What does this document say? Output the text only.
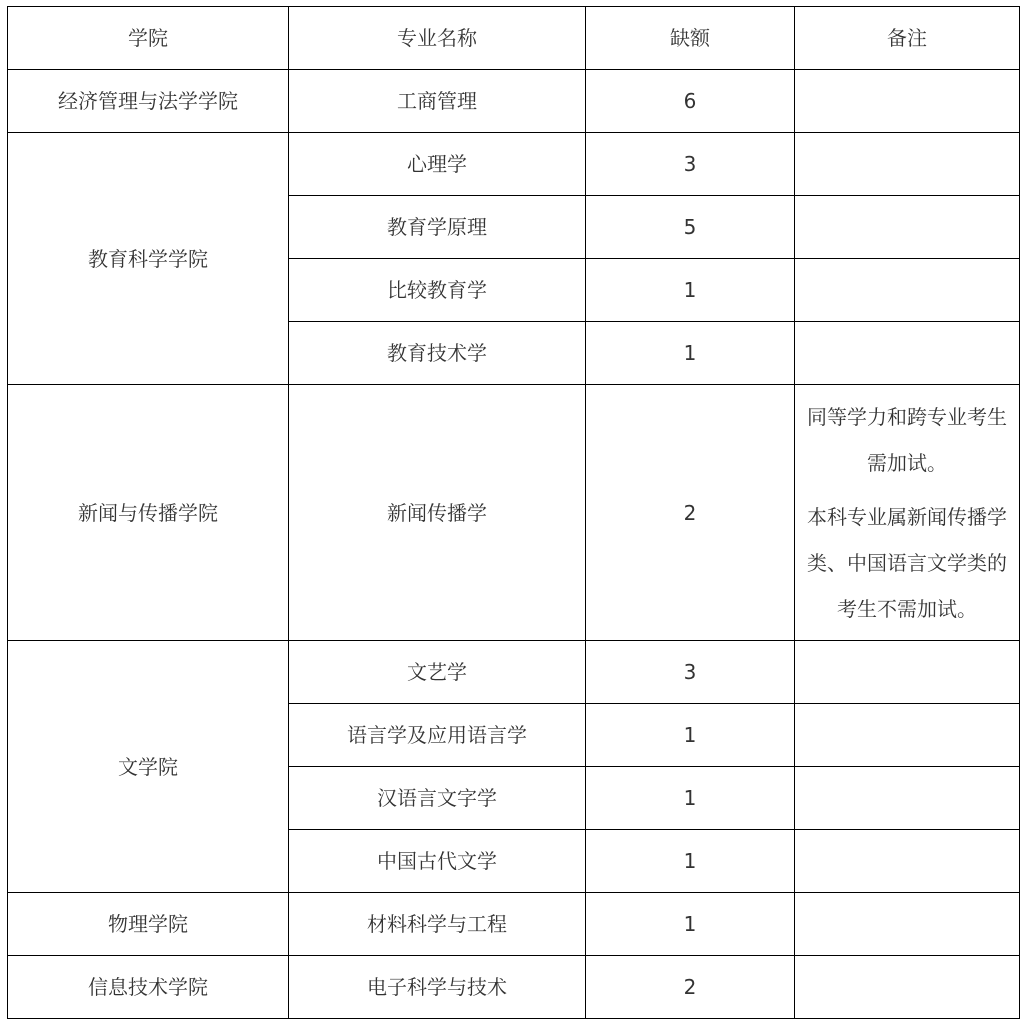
学院	专业名称	缺额	备注
经济管理与法学学院	工商管理	6	
教育科学学院	心理学	3	
	教育学原理	5	
	比较教育学	1	
	教育技术学	1	
新闻与传播学院	新闻传播学	2	同等学力和跨专业考生需加试。

本科专业属新闻传播学类、中国语言文学类的考生不需加试。

文学院	文艺学	3	
	语言学及应用语言学	1	
	汉语言文字学	1	
	中国古代文学	1	
物理学院	材料科学与工程	1	
信息技术学院	电子科学与技术	2	
